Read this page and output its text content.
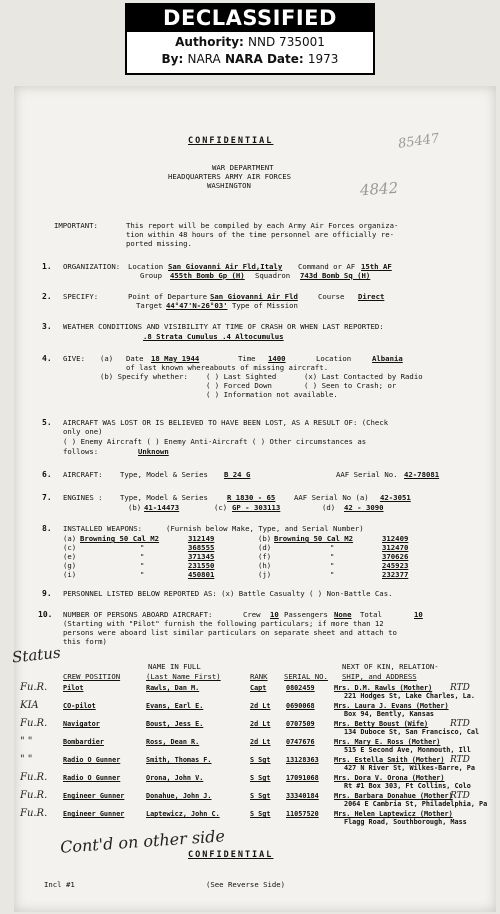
DECLASSIFIED
Authority: NND 735001
By: NARA NARA Date: 1973
85447
4842
CONFIDENTIAL
WAR DEPARTMENT
HEADQUARTERS ARMY AIR FORCES
WASHINGTON
IMPORTANT:	This report will be compiled by each Army Air Forces organiza-
tion within 48 hours of the time personnel are officially re-
ported missing.
1. ORGANIZATION: Location San Giovanni Air Fld,Italy Command or AF 15th AF
Group 455th Bomb Gp (H) Squadron 743d Bomb Sq (H)
2. SPECIFY:	Point of Departure San Giovanni Air Fld	Course Direct
Target 44°47'N-26°03' Type of Mission
3. WEATHER CONDITIONS AND VISIBILITY AT TIME OF CRASH OR WHEN LAST REPORTED:
.8 Strata Cumulus .4 Altocumulus
4. GIVE: (a) Date 18 May 1944	Time 1400	Location	Albania
of last known whereabouts of missing aircraft.
(b) Specify whether: ( ) Last Sighted	(x) Last Contacted by Radio
( ) Forced Down	( ) Seen to Crash; or
( ) Information not available.
5. AIRCRAFT WAS LOST OR IS BELIEVED TO HAVE BEEN LOST, AS A RESULT OF: (Check
only one)
( ) Enemy Aircraft ( ) Enemy Anti-Aircraft ( ) Other circumstances as
follows:	Unknown
6. AIRCRAFT: Type, Model & Series B 24 G	AAF Serial No. 42-78081
7. ENGINES : Type, Model & Series	R 1830 - 65	AAF Serial No (a) 42-3051
(b) 41-14473	(c) GP - 303113	(d) 42 - 3090
8. INSTALLED WEAPONS:	(Furnish below Make, Type, and Serial Number)
(a) Browning 50 Cal M2	312149
(c)	"	368555
(e)	"	371345
(g)	"	231550
(i)	"	450801
(b) Browning 50 Cal M2	312409
(d)	"	312470
(f)	"	370626
(h)	"	245923
(j)	"	232377
9. PERSONNEL LISTED BELOW REPORTED AS: (x) Battle Casualty ( ) Non-Battle Cas.
10. NUMBER OF PERSONS ABOARD AIRCRAFT:	Crew 10 Passengers None Total	10
(Starting with "Pilot" furnish the following particulars; if more than 12
persons were aboard list similar particulars on separate sheet and attach to
this form)
Status
NAME IN FULL	NEXT OF KIN, RELATION-
CREW POSITION	(Last Name First)	RANK SERIAL NO. SHIP, and ADDRESS
Fu.R. Pilot	Rawls, Dan M.	Capt	0802459	Mrs. D.M. Rawls (Mother) RTD
221 Hodges St, Lake Charles, La.
KIA	CO-pilot	Evans, Earl E.	2d Lt 0690068	Mrs. Laura J. Evans (Mother)
Box 94, Bently, Kansas
Fu.R. Navigator	Boust, Jess E.	2d Lt 0707509	Mrs. Betty Boust (Wife) RTD
134 Duboce St, San Francisco, Cal
" "	Bombardier	Ross, Dean R.	2d Lt 0747676	Mrs. Mary E. Ross (Mother)
515 E Second Ave, Monmouth, Ill
" "	Radio O Gunner	Smith, Thomas F.	S Sgt 13128363 Mrs. Estella Smith (Mother) RTD
427 N River St, Wilkes-Barre, Pa
Fu.R. Radio O Gunner	Orona, John V.	S Sgt 17091068 Mrs. Dora V. Orona (Mother)
Rt #1 Box 303, Ft Collins, Colo
Fu.R. Engineer Gunner	Donahue, John J.	S Sgt 33340184 Mrs. Barbara Donahue (Mother)
RTD
2064 E Cambria St, Philadelphia, Pa
Fu.R. Engineer Gunner	Laptewicz, John C.	S Sgt 11057520 Mrs. Helen Laptewicz (Mother)
Flagg Road, Southborough, Mass
Cont'd on other side
CONFIDENTIAL
Incl #1	(See Reverse Side)
